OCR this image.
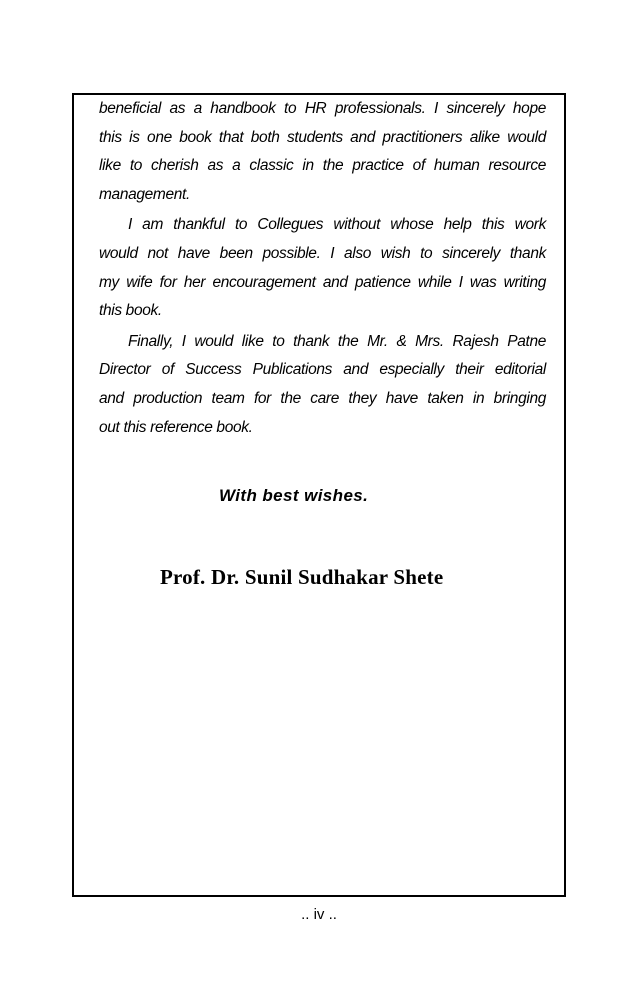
beneficial as a handbook to HR professionals. I sincerely hope

this is one book that both students and practitioners alike would

like to cherish as a classic in the practice of human resource

management.

I am thankful to Collegues without whose help this work

would not have been possible. I also wish to sincerely thank

my wife for her encouragement and patience while I was writing

this book.

Finally, I would like to thank the Mr. & Mrs. Rajesh Patne

Director of Success Publications and especially their editorial

and production team for the care they have taken in bringing

out this reference book.

With best wishes.
Prof. Dr. Sunil Sudhakar Shete
.. iv ..
